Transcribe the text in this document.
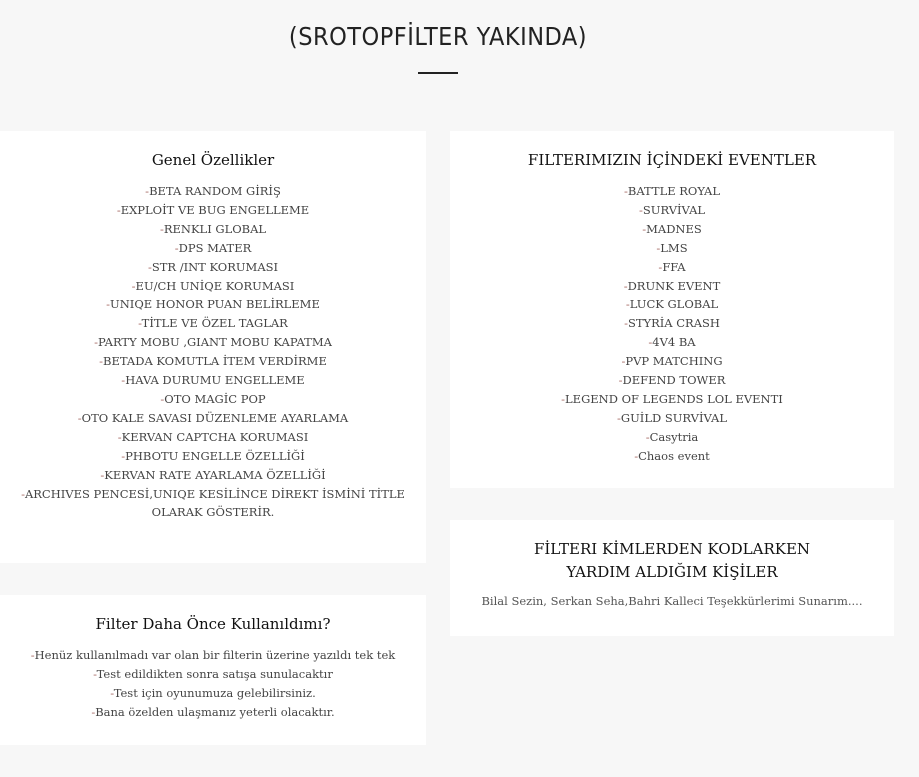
(SROTOPFİLTER YAKINDA)
Genel Özellikler
-BETA RANDOM GİRİŞ
-EXPLOİT VE BUG ENGELLEME
-RENKLI GLOBAL
-DPS MATER
-STR /INT KORUMASI
-EU/CH UNİQE KORUMASI
-UNIQE HONOR PUAN BELİRLEME
-TİTLE VE ÖZEL TAGLAR
-PARTY MOBU ,GIANT MOBU KAPATMA
-BETADA KOMUTLA İTEM VERDİRME
-HAVA DURUMU ENGELLEME
-OTO MAGİC POP
-OTO KALE SAVASI DÜZENLEME AYARLAMA
-KERVAN CAPTCHA KORUMASI
-PHBOTU ENGELLE ÖZELLİĞİ
-KERVAN RATE AYARLAMA ÖZELLİĞİ
-ARCHIVES PENCESİ,UNIQE KESİLİNCE DİREKT İSMİNİ TİTLE OLARAK GÖSTERİR.
FILTERIMIZIN İÇİNDEKİ EVENTLER
-BATTLE ROYAL
-SURVİVAL
-MADNES
-LMS
-FFA
-DRUNK EVENT
-LUCK GLOBAL
-STYRİA CRASH
-4V4 BA
-PVP MATCHING
-DEFEND TOWER
-LEGEND OF LEGENDS LOL EVENTI
-GUİLD SURVİVAL
-Casytria
-Chaos event
FİLTERI KİMLERDEN KODLARKEN YARDIM ALDIĞIM KİŞİLER

Bilal Sezin, Serkan Seha,Bahri Kalleci Teşekkürlerimi Sunarım....

Filter Daha Önce Kullanıldımı?
-Henüz kullanılmadı var olan bir filterin üzerine yazıldı tek tek
-Test edildikten sonra satışa sunulacaktır
-Test için oyunumuza gelebilirsiniz.
-Bana özelden ulaşmanız yeterli olacaktır.
